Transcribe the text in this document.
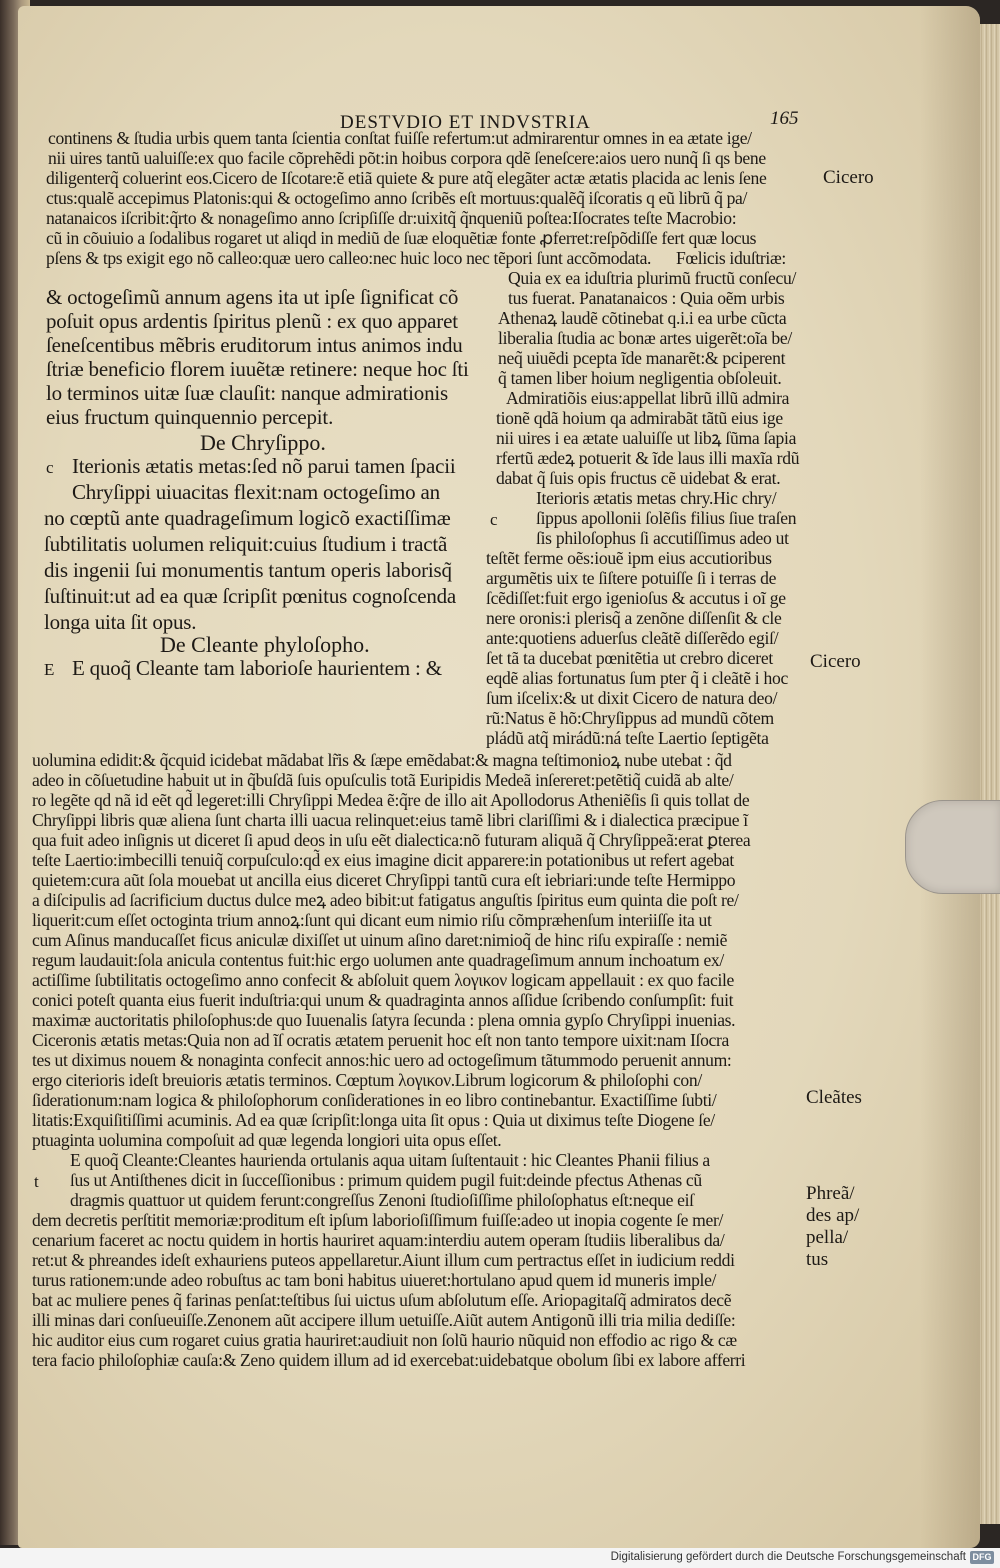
DESTVDIO ET INDVSTRIA	165
continens & ſtudia urbis quem tanta ſcientia conſtat fuiſſe refertum:ut admirarentur omnes in ea ætate ige/
nii uires tantũ ualuiſſe:ex quo facile cõprehẽdi põt:in hoibus corpora qdẽ ſeneſcere:aios uero nunq̃ ſi qs bene
diligenterq̃ coluerint eos.Cicero de Iſcotare:ẽ etiã quiete & pure atq̃ elegãter actæ ætatis placida ac lenis ſene
ctus:qualẽ accepimus Platonis:qui & octogeſimo anno ſcribẽs eſt mortuus:qualẽq̃ iſcoratis q eũ librũ q̃ pa/
natanaicos iſcribit:q̃rto & nonageſimo anno ſcripſiſſe dr:uixitq̃ q̃nqueniũ poſtea:Iſocrates teſte Macrobio:
cũ in cõuiuio a ſodalibus rogaret ut aliqd in mediũ de ſuæ eloquẽtiæ fonte ꝓferret:reſpõdiſſe fert quæ locus
pſens & tps exigit ego nõ calleo:quæ uero calleo:nec huic loco nec tẽpori ſunt accõmodata. Fœlicis iduſtriæ:
& octogeſimũ annum agens ita ut ipſe ſignificat cõ
poſuit opus ardentis ſpiritus plenũ : ex quo apparet
ſeneſcentibus mẽbris eruditorum intus animos indu
ſtriæ beneficio florem iuuẽtæ retinere: neque hoc ſti
lo terminos uitæ ſuæ clauſit: nanque admirationis
eius fructum quinquennio percepit.
De Chryſippo.
c Iterionis ætatis metas:ſed nõ parui tamen ſpacii
Chryſippi uiuacitas flexit:nam octogeſimo an
no cœptũ ante quadrageſimum logicõ exactiſſimæ
ſubtilitatis uolumen reliquit:cuius ſtudium i tractã
dis ingenii ſui monumentis tantum operis laborisq̃
ſuſtinuit:ut ad ea quæ ſcripſit pœnitus cognoſcenda
longa uita ſit opus.
De Cleante phyloſopho.
E E quoq̃ Cleante tam laborioſe haurientem : &
Quia ex ea iduſtria plurimũ fructũ conſecu/
tus fuerat. Panatanaicos : Quia oẽm urbis
Athenaꝝ laudẽ cõtinebat q.i.i ea urbe cũcta
liberalia ſtudia ac bonæ artes uigerẽt:oĩa be/
neq̃ uiuẽdi pcepta ĩde manarẽt:& pciperent
q̃ tamen liber hoium negligentia obſoleuit.
Admiratiõis eius:appellat librũ illũ admira
tionẽ qdã hoium qa admirabãt tãtũ eius ige
nii uires i ea ætate ualuiſſe ut libꝝ ſũma ſapia
rfertũ ædeꝝ potuerit & ĩde laus illi maxĩa rdũ
dabat q̃ ſuis opis fructus cẽ uidebat & erat.
Iterioris ætatis metas chry.Hic chry/
c ſippus apollonii ſolẽſis filius ſiue traſen
ſis philoſophus ſi accutiſſimus adeo ut
teſtẽt ferme oẽs:iouẽ ipm eius accutioribus
argumẽtis uix te ſiſtere potuiſſe ſi i terras de
ſcẽdiſſet:fuit ergo igenioſus & accutus i oĩ ge
nere oronis:i plerisq̃ a zenõne diſſenſit & cle
ante:quotiens aduerſus cleãtẽ diſſerẽdo egiſ/
ſet tã ta ducebat pœnitẽtia ut crebro diceret
eqdẽ alias fortunatus ſum pter q̃ i cleãtẽ i hoc
ſum iſcelix:& ut dixit Cicero de natura deo/
rũ:Natus ẽ hõ:Chryſippus ad mundũ cõtem
pládũ atq̃ mirádũ:ná teſte Laertio ſeptigẽta
uolumina edidit:& q̃cquid icidebat mãdabat lr̃is & ſæpe emẽdabat:& magna teſtimonioꝝ nube utebat : q̃d
adeo in cõſuetudine habuit ut in q̃buſdã ſuis opuſculis totã Euripidis Medeã inſereret:petẽtiq̃ cuidã ab alte/
ro legẽte qd nã id eẽt qd̃ legeret:illi Chryſippi Medea ẽ:q̃re de illo ait Apollodorus Atheniẽſis ſi quis tollat de
Chryſippi libris quæ aliena ſunt charta illi uacua relinquet:eius tamẽ libri clariſſimi & i dialectica præcipue ĩ
qua fuit adeo inſignis ut diceret ſi apud deos in uſu eẽt dialectica:nõ futuram aliquã q̃ Chryſippeã:erat ꝑterea
teſte Laertio:imbecilli tenuiq̃ corpuſculo:qd̃ ex eius imagine dicit apparere:in potationibus ut refert agebat
quietem:cura aũt ſola mouebat ut ancilla eius diceret Chryſippi tantũ cura eſt iebriari:unde teſte Hermippo
a diſcipulis ad ſacrificium ductus dulce meꝝ adeo bibit:ut fatigatus anguſtis ſpiritus eum quinta die poſt re/
liquerit:cum eſſet octoginta trium annoꝝ:ſunt qui dicant eum nimio riſu cõmpræhenſum interiiſſe ita ut
cum Aſinus manducaſſet ficus aniculæ dixiſſet ut uinum aſino daret:nimioq̃ de hinc riſu expiraſſe : nemiẽ
regum laudauit:ſola anicula contentus fuit:hic ergo uolumen ante quadrageſimum annum inchoatum ex/
actiſſime ſubtilitatis octogeſimo anno confecit & abſoluit quem λογικον logicam appellauit : ex quo facile
conici poteſt quanta eius fuerit induſtria:qui unum & quadraginta annos aſſidue ſcribendo conſumpſit: fuit
maximæ auctoritatis philoſophus:de quo Iuuenalis ſatyra ſecunda : plena omnia gypſo Chryſippi inuenias.
Ciceronis ætatis metas:Quia non ad ĩſ ocratis ætatem peruenit hoc eſt non tanto tempore uixit:nam Iſocra
tes ut diximus nouem & nonaginta confecit annos:hic uero ad octogeſimum tãtummodo peruenit annum:
ergo citerioris ideſt breuioris ætatis terminos. Cœptum λογικον.Librum logicorum & philoſophi con/
ſiderationum:nam logica & philoſophorum conſiderationes in eo libro continebantur. Exactiſſime ſubti/
litatis:Exquiſitiſſimi acuminis. Ad ea quæ ſcripſit:longa uita ſit opus : Quia ut diximus teſte Diogene ſe/
ptuaginta uolumina compoſuit ad quæ legenda longiori uita opus eſſet.
E quoq̃ Cleante:Cleantes haurienda ortulanis aqua uitam ſuſtentauit : hic Cleantes Phanii filius a
t ſus ut Antiſthenes dicit in ſucceſſionibus : primum quidem pugil fuit:deinde pfectus Athenas cũ
dragmis quattuor ut quidem ferunt:congreſſus Zenoni ſtudioſiſſime philoſophatus eſt:neque eiſ
dem decretis perſtitit memoriæ:proditum eſt ipſum laborioſiſſimum fuiſſe:adeo ut inopia cogente ſe mer/
cenarium faceret ac noctu quidem in hortis hauriret aquam:interdiu autem operam ſtudiis liberalibus da/
ret:ut & phreandes ideſt exhauriens puteos appellaretur.Aiunt illum cum pertractus eſſet in iudicium reddi
turus rationem:unde adeo robuſtus ac tam boni habitus uiueret:hortulano apud quem id muneris imple/
bat ac muliere penes q̃ farinas penſat:teſtibus ſui uictus uſum abſolutum eſſe. Ariopagitaſq̃ admiratos decẽ
illi minas dari conſueuiſſe.Zenonem aũt accipere illum uetuiſſe.Aiũt autem Antigonũ illi tria milia dediſſe:
hic auditor eius cum rogaret cuius gratia hauriret:audiuit non ſolũ haurio nũquid non effodio ac rigo & cæ
tera facio philoſophiæ cauſa:& Zeno quidem illum ad id exercebat:uidebatque obolum ſibi ex labore afferri
Cicero
Cicero
Cleãtes
Phreã/
des ap/
pella/
tus
Digitalisierung gefördert durch die Deutsche Forschungsgemeinschaft DFG
